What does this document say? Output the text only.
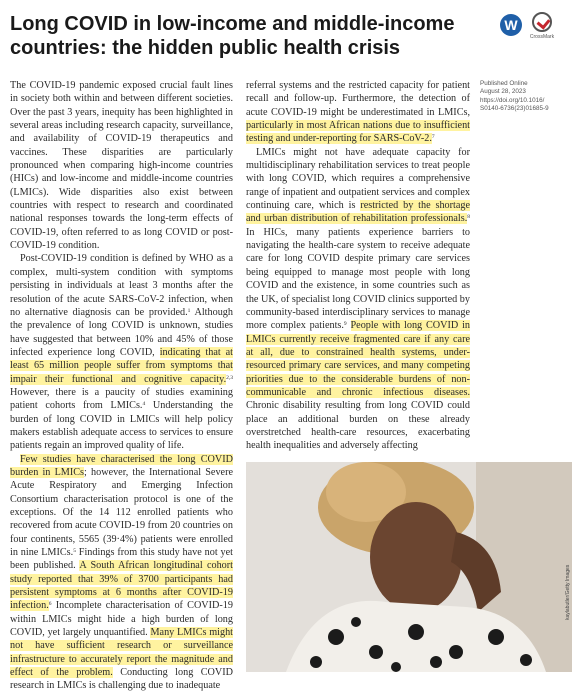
Long COVID in low-income and middle-income countries: the hidden public health crisis
W
CrossMark

The COVID-19 pandemic exposed crucial fault lines in society both within and between different societies. Over the past 3 years, inequity has been highlighted in several areas including research capacity, surveillance, and availability of COVID-19 therapeutics and vaccines. These disparities are particularly pronounced when comparing high-income countries (HICs) and low-income and middle-income countries (LMICs). Wide disparities also exist between countries with respect to research and coordinated national responses towards the long-term effects of COVID-19, often referred to as long COVID or post-COVID-19 condition.

Post-COVID-19 condition is defined by WHO as a complex, multi-system condition with symptoms persisting in individuals at least 3 months after the resolution of the acute SARS-CoV-2 infection, when no alternative diagnosis can be provided.$^1$ Although the prevalence of long COVID is unknown, studies have suggested that between 10% and 45% of those infected experience long COVID, indicating that at least 65 million people suffer from symptoms that impair their functional and cognitive capacity.$^{2,3}$ However, there is a paucity of studies examining patient cohorts from LMICs.$^4$ Understanding the burden of long COVID in LMICs will help policy makers establish adequate access to services to ensure patients regain an improved quality of life.

Few studies have characterised the long COVID burden in LMICs; however, the International Severe Acute Respiratory and Emerging Infection Consortium characterisation protocol is one of the exceptions. Of the 14 112 enrolled patients who recovered from acute COVID-19 from 20 countries on four continents, 5565 (39·4%) patients were enrolled in nine LMICs.$^5$ Findings from this study have not yet been published. A South African longitudinal cohort study reported that 39% of 3700 participants had persistent symptoms at 6 months after COVID-19 infection.$^6$ Incomplete characterisation of COVID-19 within LMICs might hide a high burden of long COVID, yet largely unquantified. Many LMICs might not have sufficient research or surveillance infrastructure to accurately report the magnitude and effect of the problem. Conducting long COVID research in LMICs is challenging due to inadequate

referral systems and the restricted capacity for patient recall and follow-up. Furthermore, the detection of acute COVID-19 might be underestimated in LMICs, particularly in most African nations due to insufficient testing and under-reporting for SARS-CoV-2.$^7$

LMICs might not have adequate capacity for multidisciplinary rehabilitation services to treat people with long COVID, which requires a comprehensive range of inpatient and outpatient services and complex continuing care, which is restricted by the shortage and urban distribution of rehabilitation professionals.$^8$ In HICs, many patients experience barriers to navigating the health-care system to receive adequate care for long COVID despite primary care services being equipped to manage most people with long COVID and the existence, in some countries such as the UK, of specialist long COVID clinics supported by community-based interdisciplinary services to manage more complex patients.$^9$ People with long COVID in LMICs currently receive fragmented care if any care at all, due to constrained health systems, under-resourced primary care services, and many competing priorities due to the considerable burdens of non-communicable and chronic infectious diseases. Chronic disability resulting from long COVID could place an additional burden on these already overstretched health-care resources, exacerbating health inequalities and adversely affecting

Published Online
August 28, 2023
https://doi.org/10.1016/
S0140-6736(23)01685-9
kaylabutler/Getty Images
